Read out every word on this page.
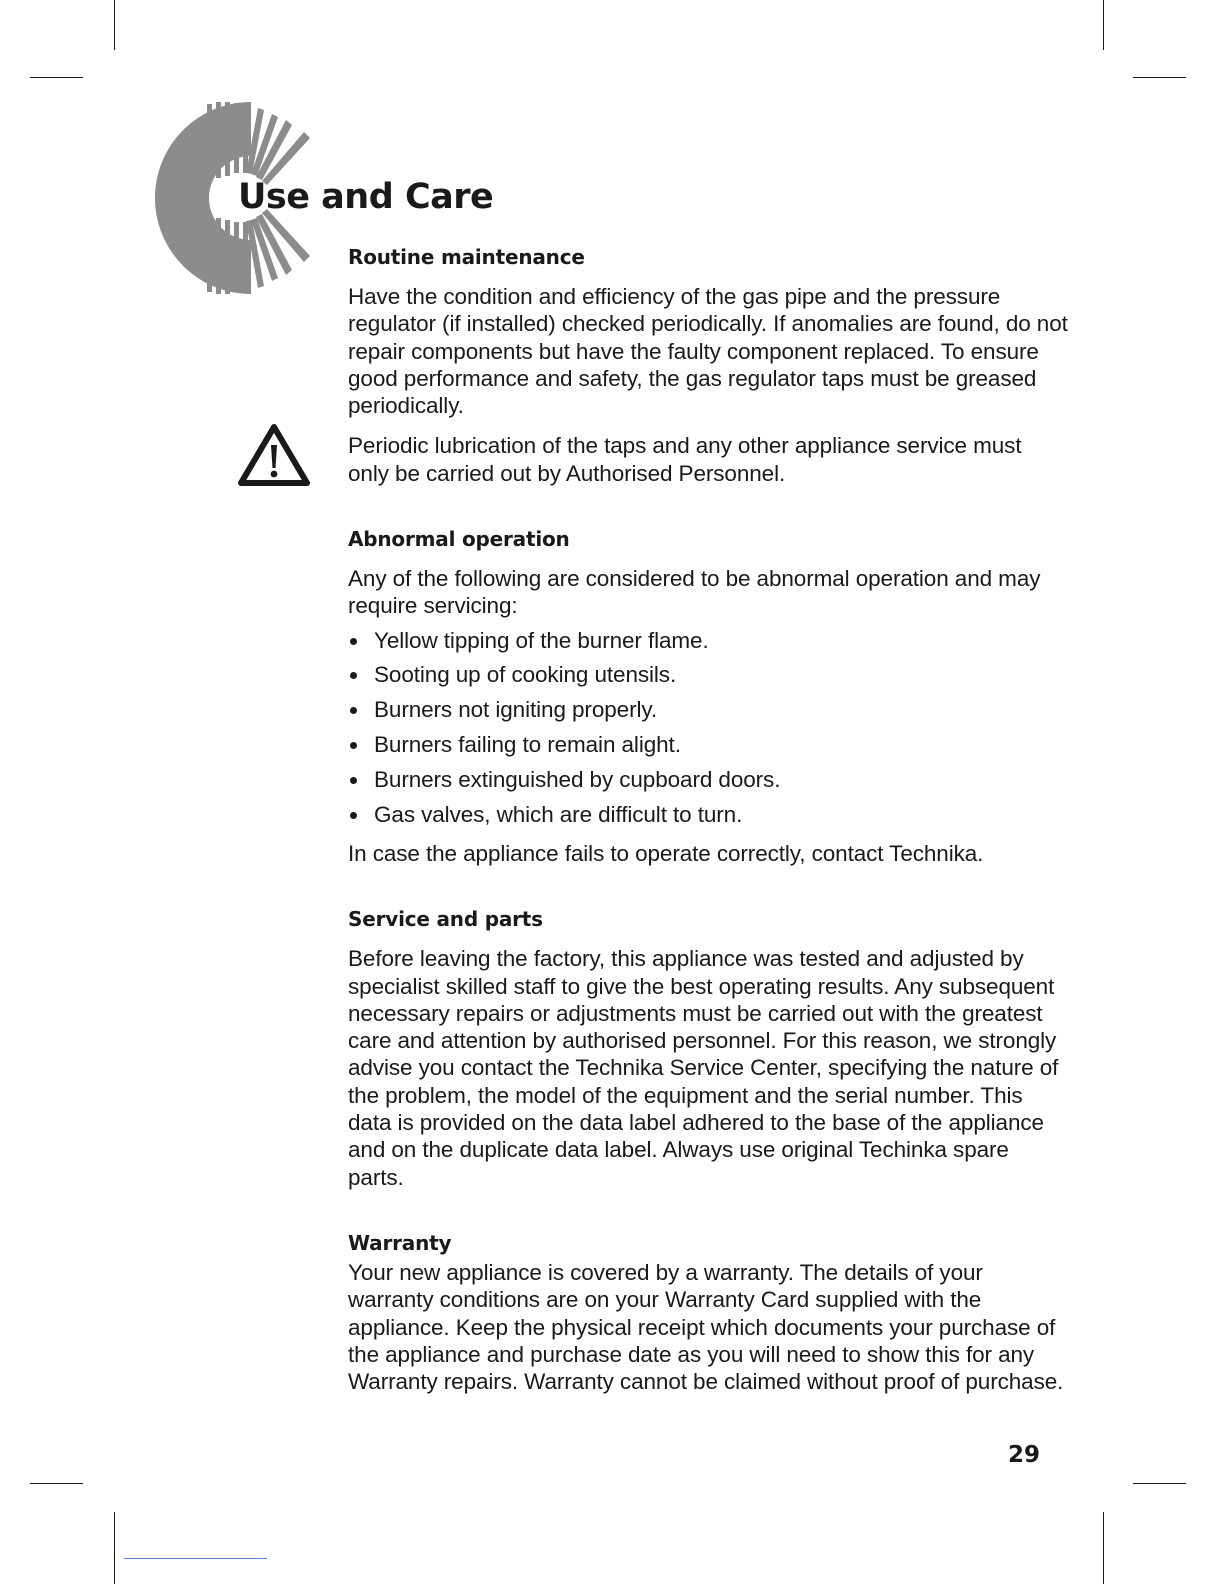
Use and Care
Routine maintenance

Have the condition and efficiency of the gas pipe and the pressure regulator (if installed) checked periodically. If anomalies are found, do not repair components but have the faulty component replaced. To ensure good performance and safety, the gas regulator taps must be greased periodically.

Periodic lubrication of the taps and any other appliance service must only be carried out by Authorised Personnel.

Abnormal operation

Any of the following are considered to be abnormal operation and may require servicing:

Yellow tipping of the burner flame.
Sooting up of cooking utensils.
Burners not igniting properly.
Burners failing to remain alight.
Burners extinguished by cupboard doors.
Gas valves, which are difficult to turn.

In case the appliance fails to operate correctly, contact Technika.

Service and parts

Before leaving the factory, this appliance was tested and adjusted by specialist skilled staff to give the best operating results. Any subsequent necessary repairs or adjustments must be carried out with the greatest care and attention by authorised personnel. For this reason, we strongly advise you contact the Technika Service Center, specifying the nature of the problem, the model of the equipment and the serial number. This data is provided on the data label adhered to the base of the appliance and on the duplicate data label. Always use original Techinka spare parts.

Warranty

Your new appliance is covered by a warranty. The details of your warranty conditions are on your Warranty Card supplied with the appliance. Keep the physical receipt which documents your purchase of the appliance and purchase date as you will need to show this for any Warranty repairs. Warranty cannot be claimed without proof of purchase.

29
